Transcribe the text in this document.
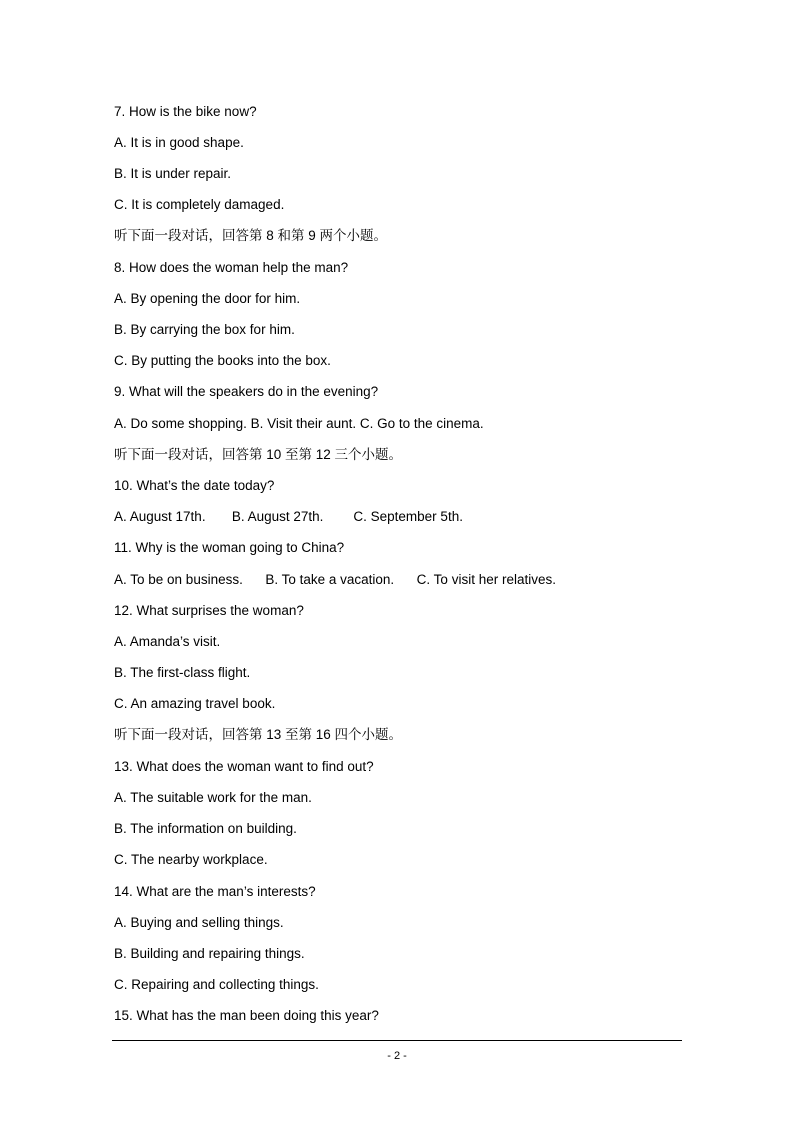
7. How is the bike now?
A. It is in good shape.
B. It is under repair.
C. It is completely damaged.
听下面一段对话，回答第 8 和第 9 两个小题。
8. How does the woman help the man?
A. By opening the door for him.
B. By carrying the box for him.
C. By putting the books into the box.
9. What will the speakers do in the evening?
A. Do some shopping. B. Visit their aunt. C. Go to the cinema.
听下面一段对话，回答第 10 至第 12 三个小题。
10. What’s the date today?
A. August 17th.       B. August 27th.        C. September 5th.
11. Why is the woman going to China?
A. To be on business.      B. To take a vacation.      C. To visit her relatives.
12. What surprises the woman?
A. Amanda’s visit.
B. The first-class flight.
C. An amazing travel book.
听下面一段对话，回答第 13 至第 16 四个小题。
13. What does the woman want to find out?
A. The suitable work for the man.
B. The information on building.
C. The nearby workplace.
14. What are the man’s interests?
A. Buying and selling things.
B. Building and repairing things.
C. Repairing and collecting things.
15. What has the man been doing this year?
- 2 -
